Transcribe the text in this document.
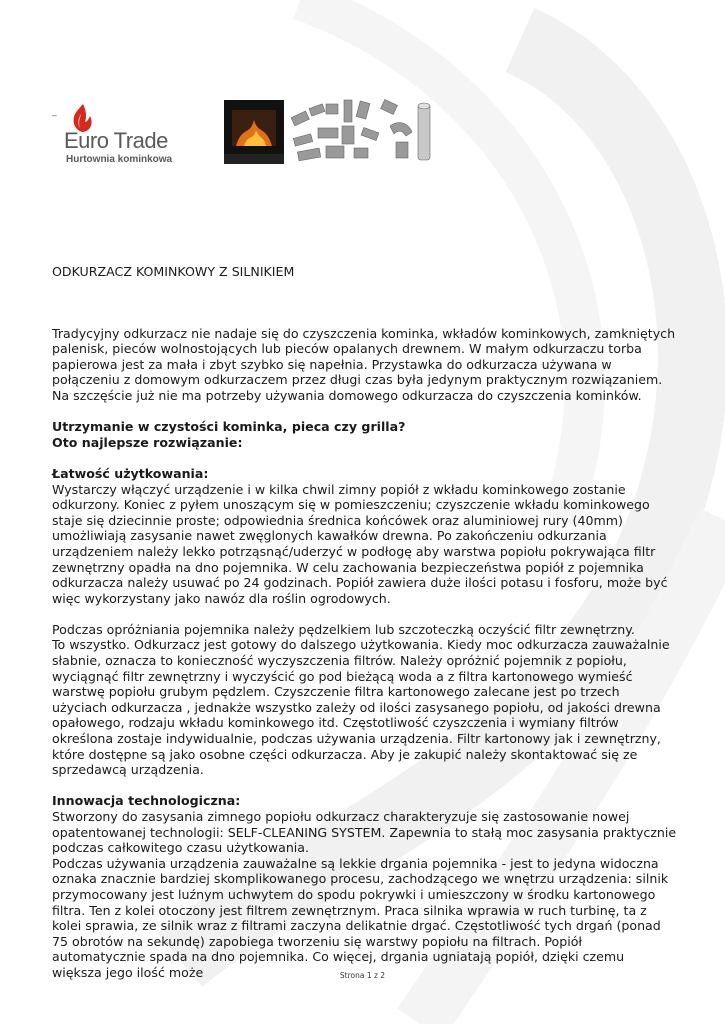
_
Euro Trade
Hurtownia kominkowa

ODKURZACZ KOMINKOWY Z SILNIKIEM

Tradycyjny odkurzacz nie nadaje się do czyszczenia kominka, wkładów kominkowych, zamkniętych palenisk, pieców wolnostojących lub pieców opalanych drewnem. W małym odkurzaczu torba papierowa jest za mała i zbyt szybko się napełnia. Przystawka do odkurzacza używana w połączeniu z domowym odkurzaczem przez długi czas była jedynym praktycznym rozwiązaniem. Na szczęście już nie ma potrzeby używania domowego odkurzacza do czyszczenia kominków.

Utrzymanie w czystości kominka, pieca czy grilla?

Oto najlepsze rozwiązanie:

Łatwość użytkowania:

Wystarczy włączyć urządzenie i w kilka chwil zimny popiół z wkładu kominkowego zostanie odkurzony. Koniec z pyłem unoszącym się w pomieszczeniu; czyszczenie wkładu kominkowego staje się dziecinnie proste; odpowiednia średnica końcówek oraz aluminiowej rury (40mm) umożliwiają zasysanie nawet zwęglonych kawałków drewna. Po zakończeniu odkurzania urządzeniem należy lekko potrząsnąć/uderzyć w podłogę aby warstwa popiołu pokrywająca filtr zewnętrzny opadła na dno pojemnika. W celu zachowania bezpieczeństwa popiół z pojemnika odkurzacza należy usuwać po 24 godzinach. Popiół zawiera duże ilości potasu i fosforu, może być więc wykorzystany jako nawóz dla roślin ogrodowych.

Podczas opróżniania pojemnika należy pędzelkiem lub szczoteczką oczyścić filtr zewnętrzny.

To wszystko. Odkurzacz jest gotowy do dalszego użytkowania. Kiedy moc odkurzacza zauważalnie słabnie, oznacza to konieczność wyczyszczenia filtrów. Należy opróżnić pojemnik z popiołu, wyciągnąć filtr zewnętrzny i wyczyścić go pod bieżącą woda a z filtra kartonowego wymieść warstwę popiołu grubym pędzlem. Czyszczenie filtra kartonowego zalecane jest po trzech użyciach odkurzacza , jednakże wszystko zależy od ilości zasysanego popiołu, od jakości drewna opałowego, rodzaju wkładu kominkowego itd. Częstotliwość czyszczenia i wymiany filtrów określona zostaje indywidualnie, podczas używania urządzenia. Filtr kartonowy jak i zewnętrzny, które dostępne są jako osobne części odkurzacza. Aby je zakupić należy skontaktować się ze sprzedawcą urządzenia.

Innowacja technologiczna:

Stworzony do zasysania zimnego popiołu odkurzacz charakteryzuje się zastosowanie nowej opatentowanej technologii: SELF-CLEANING SYSTEM. Zapewnia to stałą moc zasysania praktycznie podczas całkowitego czasu użytkowania.

Podczas używania urządzenia zauważalne są lekkie drgania pojemnika - jest to jedyna widoczna oznaka znacznie bardziej skomplikowanego procesu, zachodzącego we wnętrzu urządzenia: silnik przymocowany jest luźnym uchwytem do spodu pokrywki i umieszczony w środku kartonowego filtra. Ten z kolei otoczony jest filtrem zewnętrznym. Praca silnika wprawia w ruch turbinę, ta z kolei sprawia, ze silnik wraz z filtrami zaczyna delikatnie drgać. Częstotliwość tych drgań (ponad 75 obrotów na sekundę) zapobiega tworzeniu się warstwy popiołu na filtrach. Popiół automatycznie spada na dno pojemnika. Co więcej, drgania ugniatają popiół, dzięki czemu większa jego ilość może	Strona 1 z 2
